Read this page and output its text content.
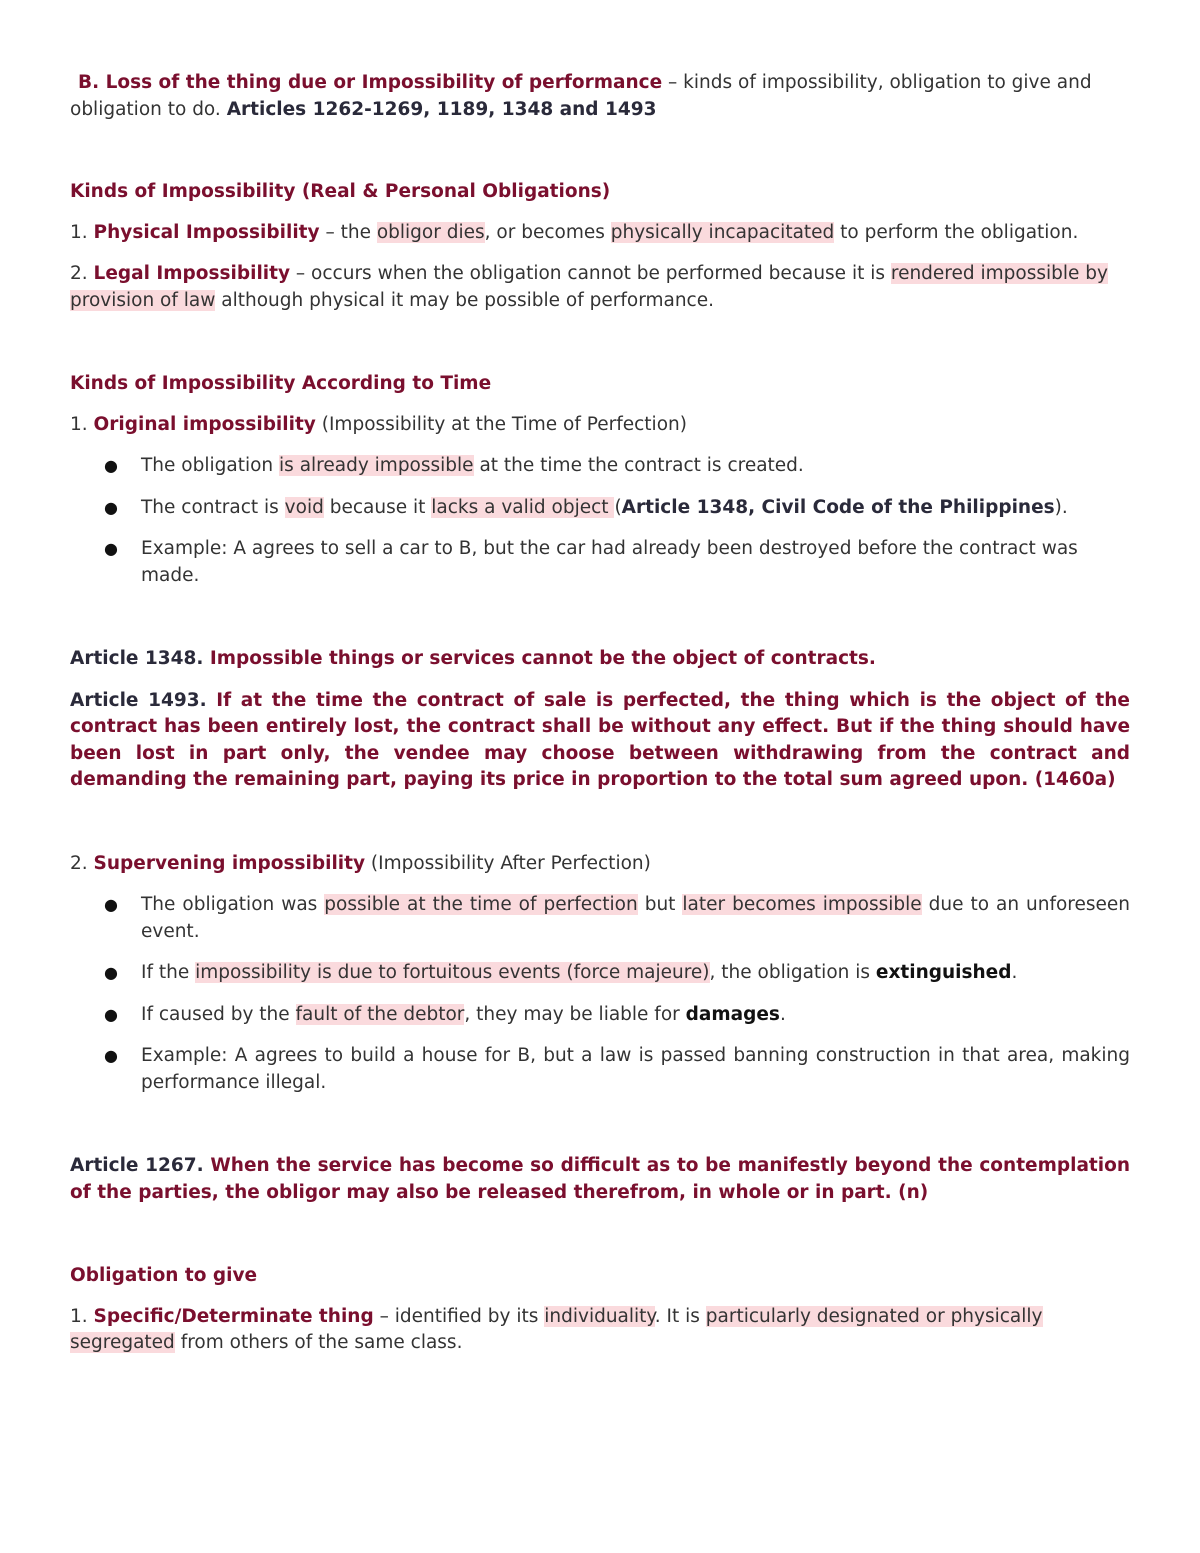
B. Loss of the thing due or Impossibility of performance – kinds of impossibility, obligation to give and obligation to do. Articles 1262-1269, 1189, 1348 and 1493

Kinds of Impossibility (Real & Personal Obligations)

1. Physical Impossibility – the obligor dies, or becomes physically incapacitated to perform the obligation.

2. Legal Impossibility – occurs when the obligation cannot be performed because it is rendered impossible by provision of law although physical it may be possible of performance.

Kinds of Impossibility According to Time

1. Original impossibility (Impossibility at the Time of Perfection)

● The obligation is already impossible at the time the contract is created.
● The contract is void because it lacks a valid object (Article 1348, Civil Code of the Philippines).
● Example: A agrees to sell a car to B, but the car had already been destroyed before the contract was made.

Article 1348. Impossible things or services cannot be the object of contracts.

Article 1493. If at the time the contract of sale is perfected, the thing which is the object of the contract has been entirely lost, the contract shall be without any effect. But if the thing should have been lost in part only, the vendee may choose between withdrawing from the contract and demanding the remaining part, paying its price in proportion to the total sum agreed upon. (1460a)

2. Supervening impossibility (Impossibility After Perfection)

● The obligation was possible at the time of perfection but later becomes impossible due to an unforeseen event.
● If the impossibility is due to fortuitous events (force majeure), the obligation is extinguished.
● If caused by the fault of the debtor, they may be liable for damages.
● Example: A agrees to build a house for B, but a law is passed banning construction in that area, making performance illegal.

Article 1267. When the service has become so difficult as to be manifestly beyond the contemplation of the parties, the obligor may also be released therefrom, in whole or in part. (n)

Obligation to give

1. Specific/Determinate thing – identified by its individuality. It is particularly designated or physically segregated from others of the same class.
